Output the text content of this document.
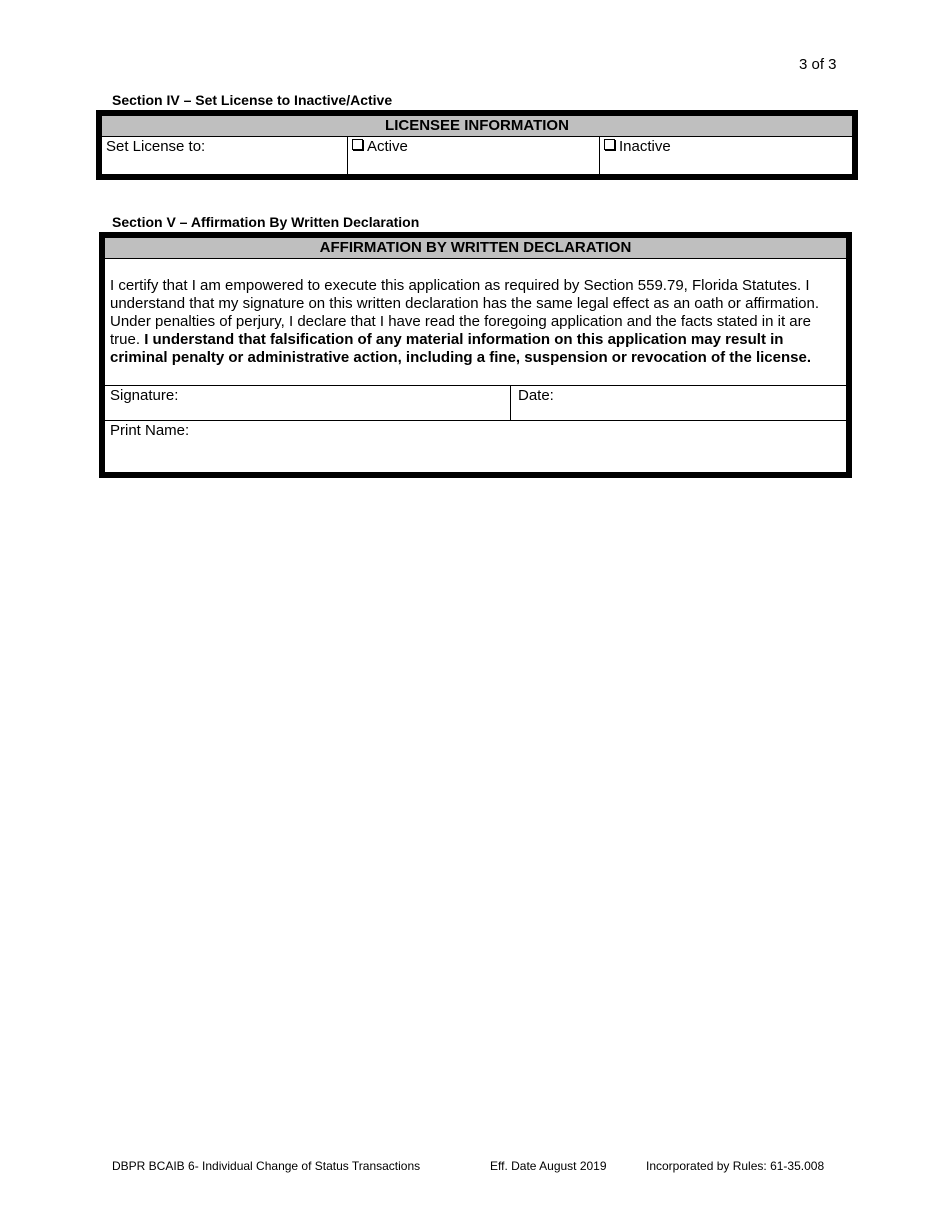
3 of 3
Section IV – Set License to Inactive/Active
LICENSEE INFORMATION
Set License to:	Active	Inactive
Section V – Affirmation By Written Declaration
AFFIRMATION BY WRITTEN DECLARATION
I certify that I am empowered to execute this application as required by Section 559.79, Florida Statutes. I understand that my signature on this written declaration has the same legal effect as an oath or affirmation. Under penalties of perjury, I declare that I have read the foregoing application and the facts stated in it are true. I understand that falsification of any material information on this application may result in criminal penalty or administrative action, including a fine, suspension or revocation of the license.
Signature:	Date:
Print Name:
DBPR BCAIB 6- Individual Change of Status Transactions	Eff. Date August 2019	Incorporated by Rules: 61-35.008
